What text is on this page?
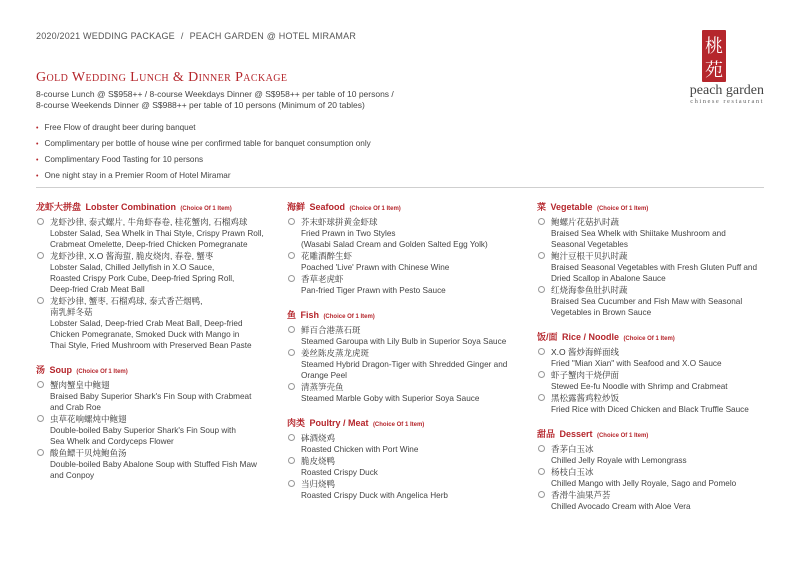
2020/2021 WEDDING PACKAGE / PEACH GARDEN @ HOTEL MIRAMAR	桃
苑
peach garden
chinese restaurant
Gold Wedding Lunch & Dinner Package
8-course Lunch @ S$958++ / 8-course Weekdays Dinner @ S$958++ per table of 10 persons /
8-course Weekends Dinner @ S$988++ per table of 10 persons (Minimum of 20 tables)
• Free Flow of draught beer during banquet
• Complimentary per bottle of house wine per confirmed table for banquet consumption only
• Complimentary Food Tasting for 10 persons
• One night stay in a Premier Room of Hotel Miramar
龙虾大拼盘 Lobster Combination (Choice Of 1 Item)
龙虾沙律, 泰式螺片, 牛角虾春卷, 桂花蟹肉, 石榴鸡球
Lobster Salad, Sea Whelk in Thai Style, Crispy Prawn Roll,
Crabmeat Omelette, Deep-fried Chicken Pomegranate
龙虾沙律, X.O 酱海蜇, 脆皮烧肉, 春卷, 蟹枣
Lobster Salad, Chilled Jellyfish in X.O Sauce,
Roasted Crispy Pork Cube, Deep-fried Spring Roll,
Deep-fried Crab Meat Ball
龙虾沙律, 蟹枣, 石榴鸡球, 泰式香芒烟鸭,
南乳鲜冬菇
Lobster Salad, Deep-fried Crab Meat Ball, Deep-fried
Chicken Pomegranate, Smoked Duck with Mango in
Thai Style, Fried Mushroom with Preserved Bean Paste
汤 Soup (Choice Of 1 Item)
蟹肉蟹皇中鲍翅
Braised Baby Superior Shark's Fin Soup with Crabmeat
and Crab Roe
虫草花响螺炖中鲍翅
Double-boiled Baby Superior Shark's Fin Soup with
Sea Whelk and Cordyceps Flower
酸鱼鳔干贝炖鲍鱼汤
Double-boiled Baby Abalone Soup with Stuffed Fish Maw
and Conpoy
海鲜 Seafood (Choice Of 1 Item)
芥末虾球拼黄金虾球
Fried Prawn in Two Styles
(Wasabi Salad Cream and Golden Salted Egg Yolk)
花雕酒醉生虾
Poached 'Live' Prawn with Chinese Wine
香草老虎虾
Pan-fried Tiger Prawn with Pesto Sauce
鱼 Fish (Choice Of 1 Item)
鲜百合港蒸石斑
Steamed Garoupa with Lily Bulb in Superior Soya Sauce
姜丝陈皮蒸龙虎斑
Steamed Hybrid Dragon-Tiger with Shredded Ginger and
Orange Peel
清蒸笋壳鱼
Steamed Marble Goby with Superior Soya Sauce
肉类 Poultry / Meat (Choice Of 1 Item)
砵酒烧鸡
Roasted Chicken with Port Wine
脆皮烧鸭
Roasted Crispy Duck
当归烧鸭
Roasted Crispy Duck with Angelica Herb
菜 Vegetable (Choice Of 1 Item)
鲍螺片花菇扒时蔬
Braised Sea Whelk with Shiitake Mushroom and
Seasonal Vegetables
鲍汁豆根干贝扒时蔬
Braised Seasonal Vegetables with Fresh Gluten Puff and
Dried Scallop in Abalone Sauce
红烧海参鱼肚扒时蔬
Braised Sea Cucumber and Fish Maw with Seasonal
Vegetables in Brown Sauce
饭/面 Rice / Noodle (Choice Of 1 Item)
X.O 酱炒海鲜面线
Fried "Mian Xian" with Seafood and X.O Sauce
虾子蟹肉干烧伊面
Stewed Ee-fu Noodle with Shrimp and Crabmeat
黑松露酱鸡粒炒饭
Fried Rice with Diced Chicken and Black Truffle Sauce
甜品 Dessert (Choice Of 1 Item)
香茅白玉冰
Chilled Jelly Royale with Lemongrass
杨枝白玉冰
Chilled Mango with Jelly Royale, Sago and Pomelo
香滑牛油果芦荟
Chilled Avocado Cream with Aloe Vera
